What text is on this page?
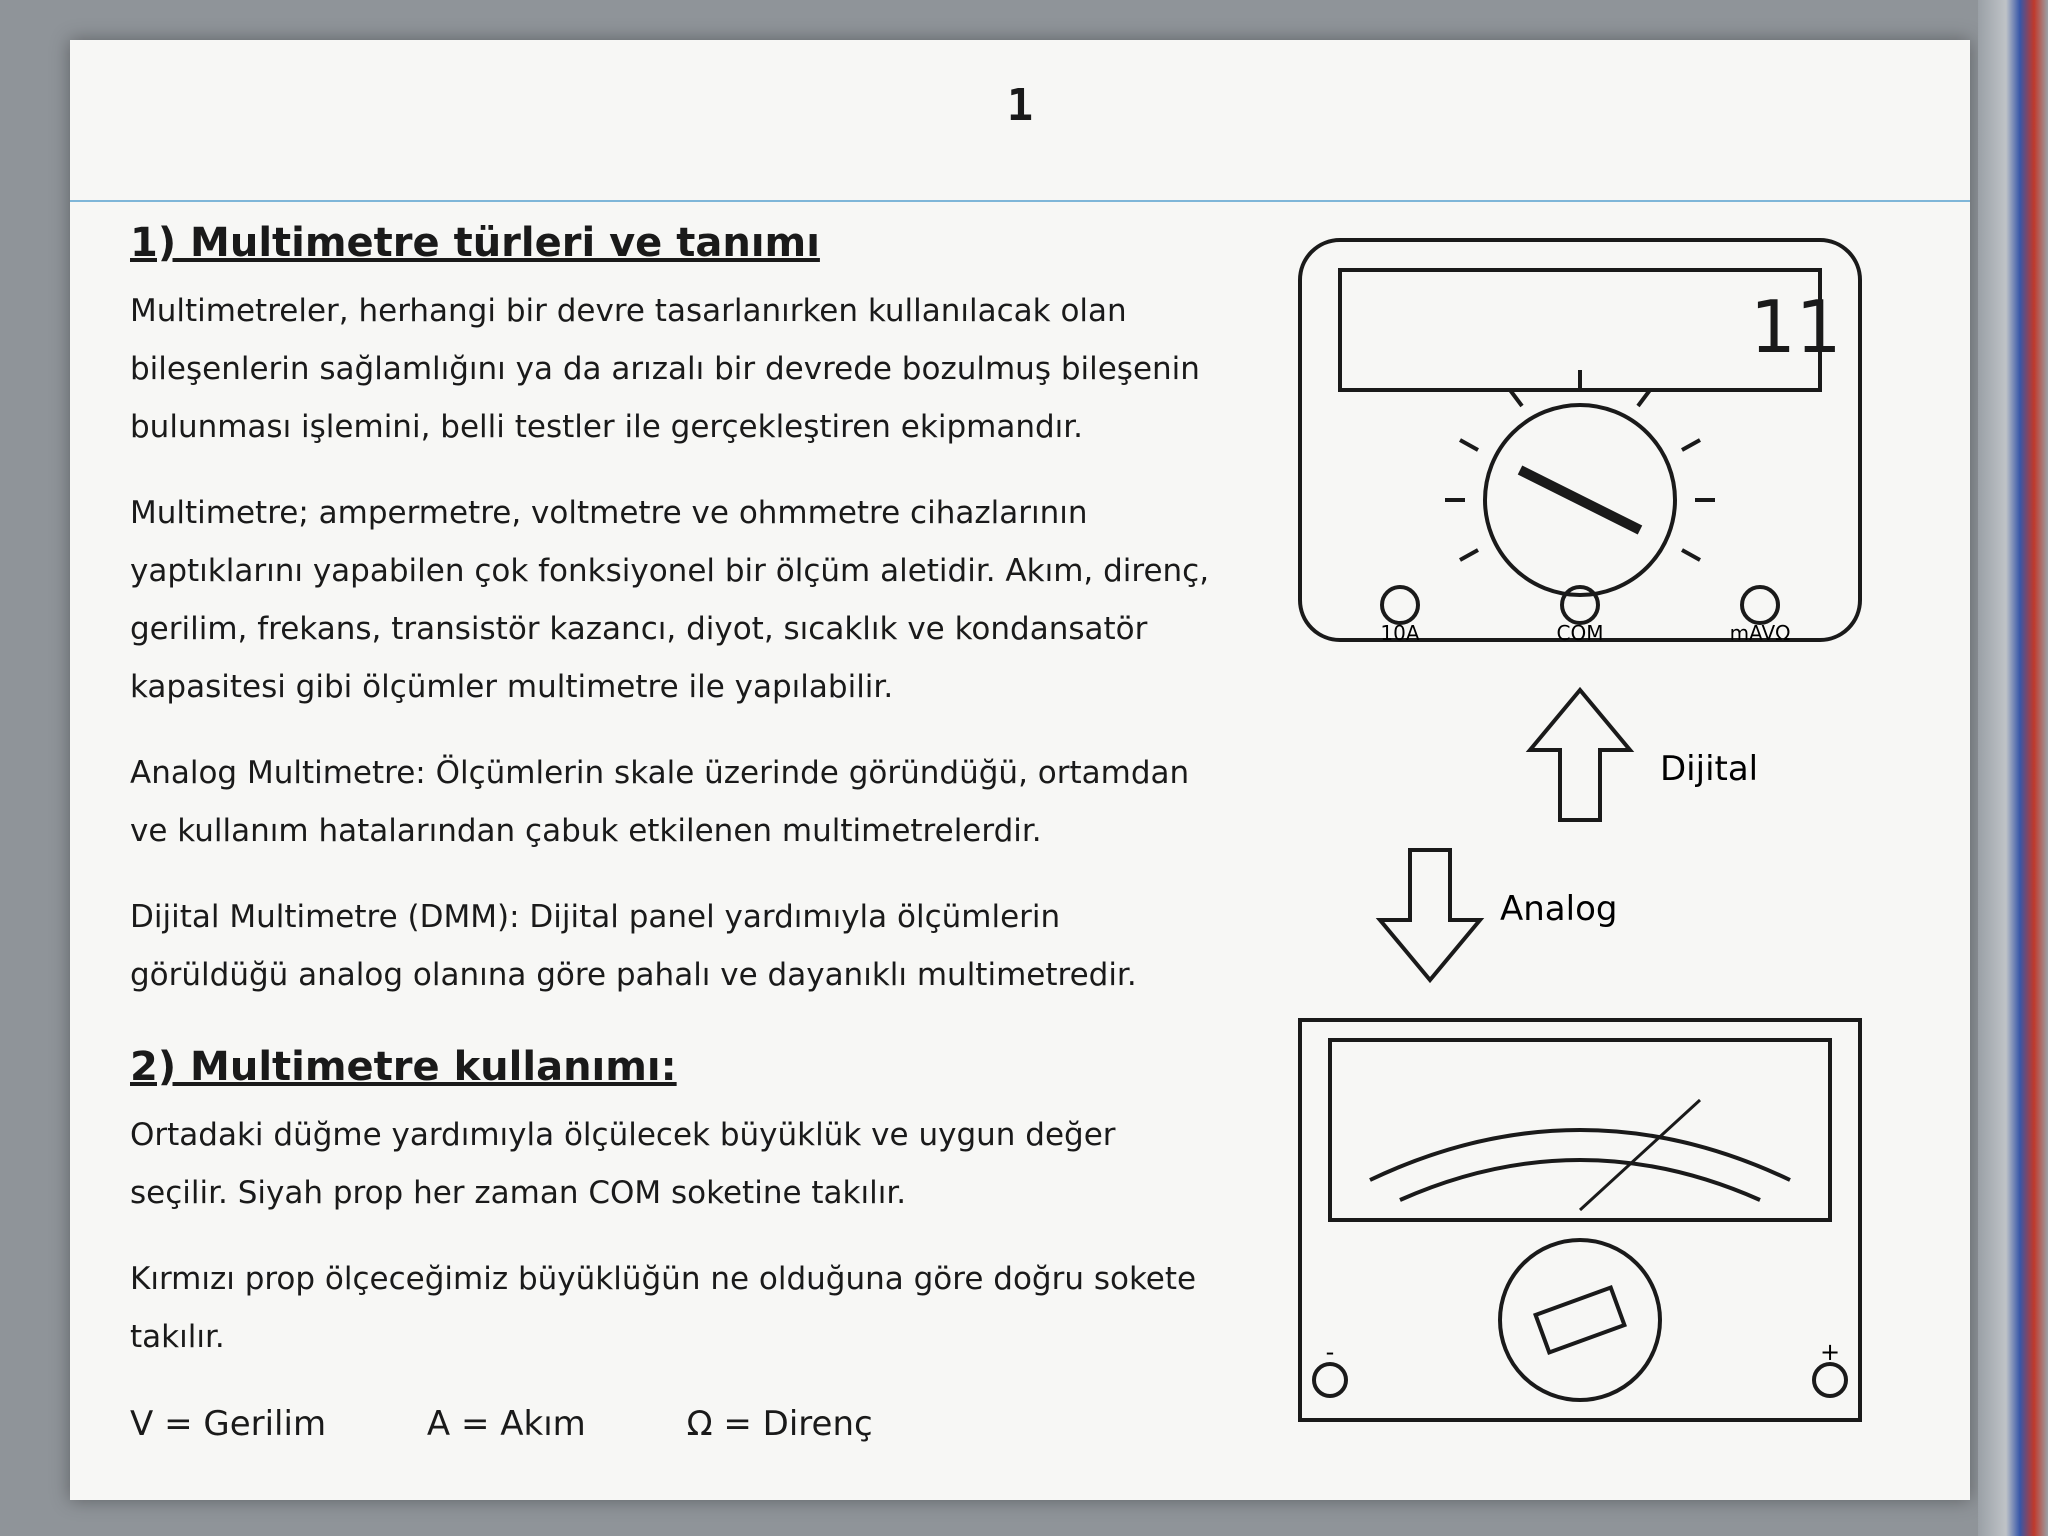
1
1) Multimetre türleri ve tanımı

Multimetreler, herhangi bir devre tasarlanırken kullanılacak olan bileşenlerin sağlamlığını ya da arızalı bir devrede bozulmuş bileşenin bulunması işlemini, belli testler ile gerçekleştiren ekipmandır.

Multimetre; ampermetre, voltmetre ve ohmmetre cihazlarının yaptıklarını yapabilen çok fonksiyonel bir ölçüm aletidir. Akım, direnç, gerilim, frekans, transistör kazancı, diyot, sıcaklık ve kondansatör kapasitesi gibi ölçümler multimetre ile yapılabilir.

Analog Multimetre: Ölçümlerin skale üzerinde göründüğü, ortamdan ve kullanım hatalarından çabuk etkilenen multimetrelerdir.

Dijital Multimetre (DMM): Dijital panel yardımıyla ölçümlerin görüldüğü analog olanına göre pahalı ve dayanıklı multimetredir.

2) Multimetre kullanımı:

Ortadaki düğme yardımıyla ölçülecek büyüklük ve uygun değer seçilir. Siyah prop her zaman COM soketine takılır.

Kırmızı prop ölçeceğimiz büyüklüğün ne olduğuna göre doğru sokete takılır.

V = Gerilim	A = Akım	Ω = Direnç
11
10A	COM	mAVΩ
Dijital
Analog
+
-
